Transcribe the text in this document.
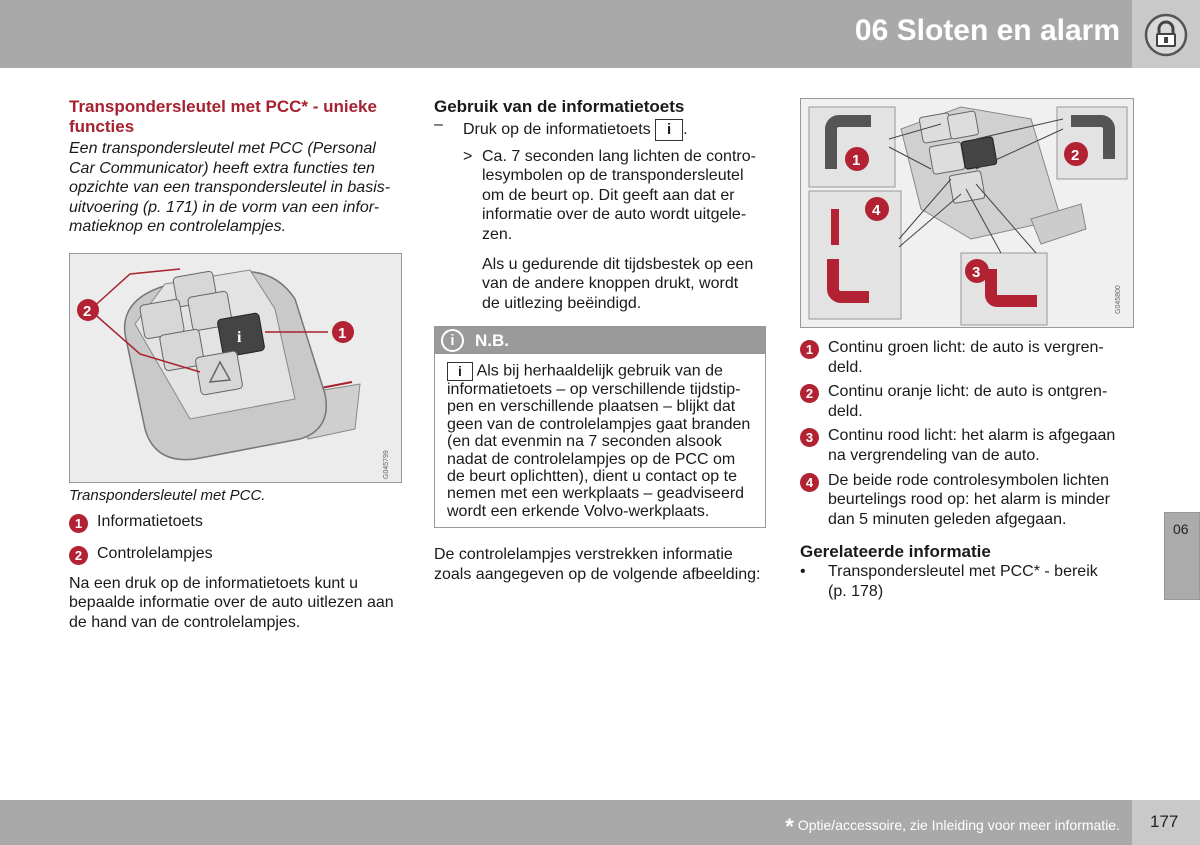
06 Sloten en alarm
Transpondersleutel met PCC* - unieke functies
Een transpondersleutel met PCC (Personal
Car Communicator) heeft extra functies ten
opzichte van een transpondersleutel in basis-
uitvoering (p. 171) in de vorm van een infor-
matieknop en controlelampjes.
i
2
1
G045799
Transpondersleutel met PCC.
1 Informatietoets
2 Controlelampjes
Na een druk op de informatietoets kunt u
bepaalde informatie over de auto uitlezen aan
de hand van de controlelampjes.
Gebruik van de informatietoets
– Druk op de informatietoets i .
> Ca. 7 seconden lang lichten de contro-
lesymbolen op de transpondersleutel
om de beurt op. Dit geeft aan dat er
informatie over de auto wordt uitgele-
zen.
Als u gedurende dit tijdsbestek op een
van de andere knoppen drukt, wordt
de uitlezing beëindigd.
i	N.B.
i Als bij herhaaldelijk gebruik van de
informatietoets – op verschillende tijdstip-
pen en verschillende plaatsen – blijkt dat
geen van de controlelampjes gaat branden
(en dat evenmin na 7 seconden alsook
nadat de controlelampjes op de PCC om
de beurt oplichtten), dient u contact op te
nemen met een werkplaats – geadviseerd
wordt een erkende Volvo-werkplaats.
De controlelampjes verstrekken informatie
zoals aangegeven op de volgende afbeelding:
1	2
4
3
G045800
1 Continu groen licht: de auto is vergren-
deld.
2 Continu oranje licht: de auto is ontgren-
deld.
3 Continu rood licht: het alarm is afgegaan
na vergrendeling van de auto.
4 De beide rode controlesymbolen lichten
beurtelings rood op: het alarm is minder
dan 5 minuten geleden afgegaan.
Gerelateerde informatie
• Transpondersleutel met PCC* - bereik
(p. 178)
06
* Optie/accessoire, zie Inleiding voor meer informatie. 177
